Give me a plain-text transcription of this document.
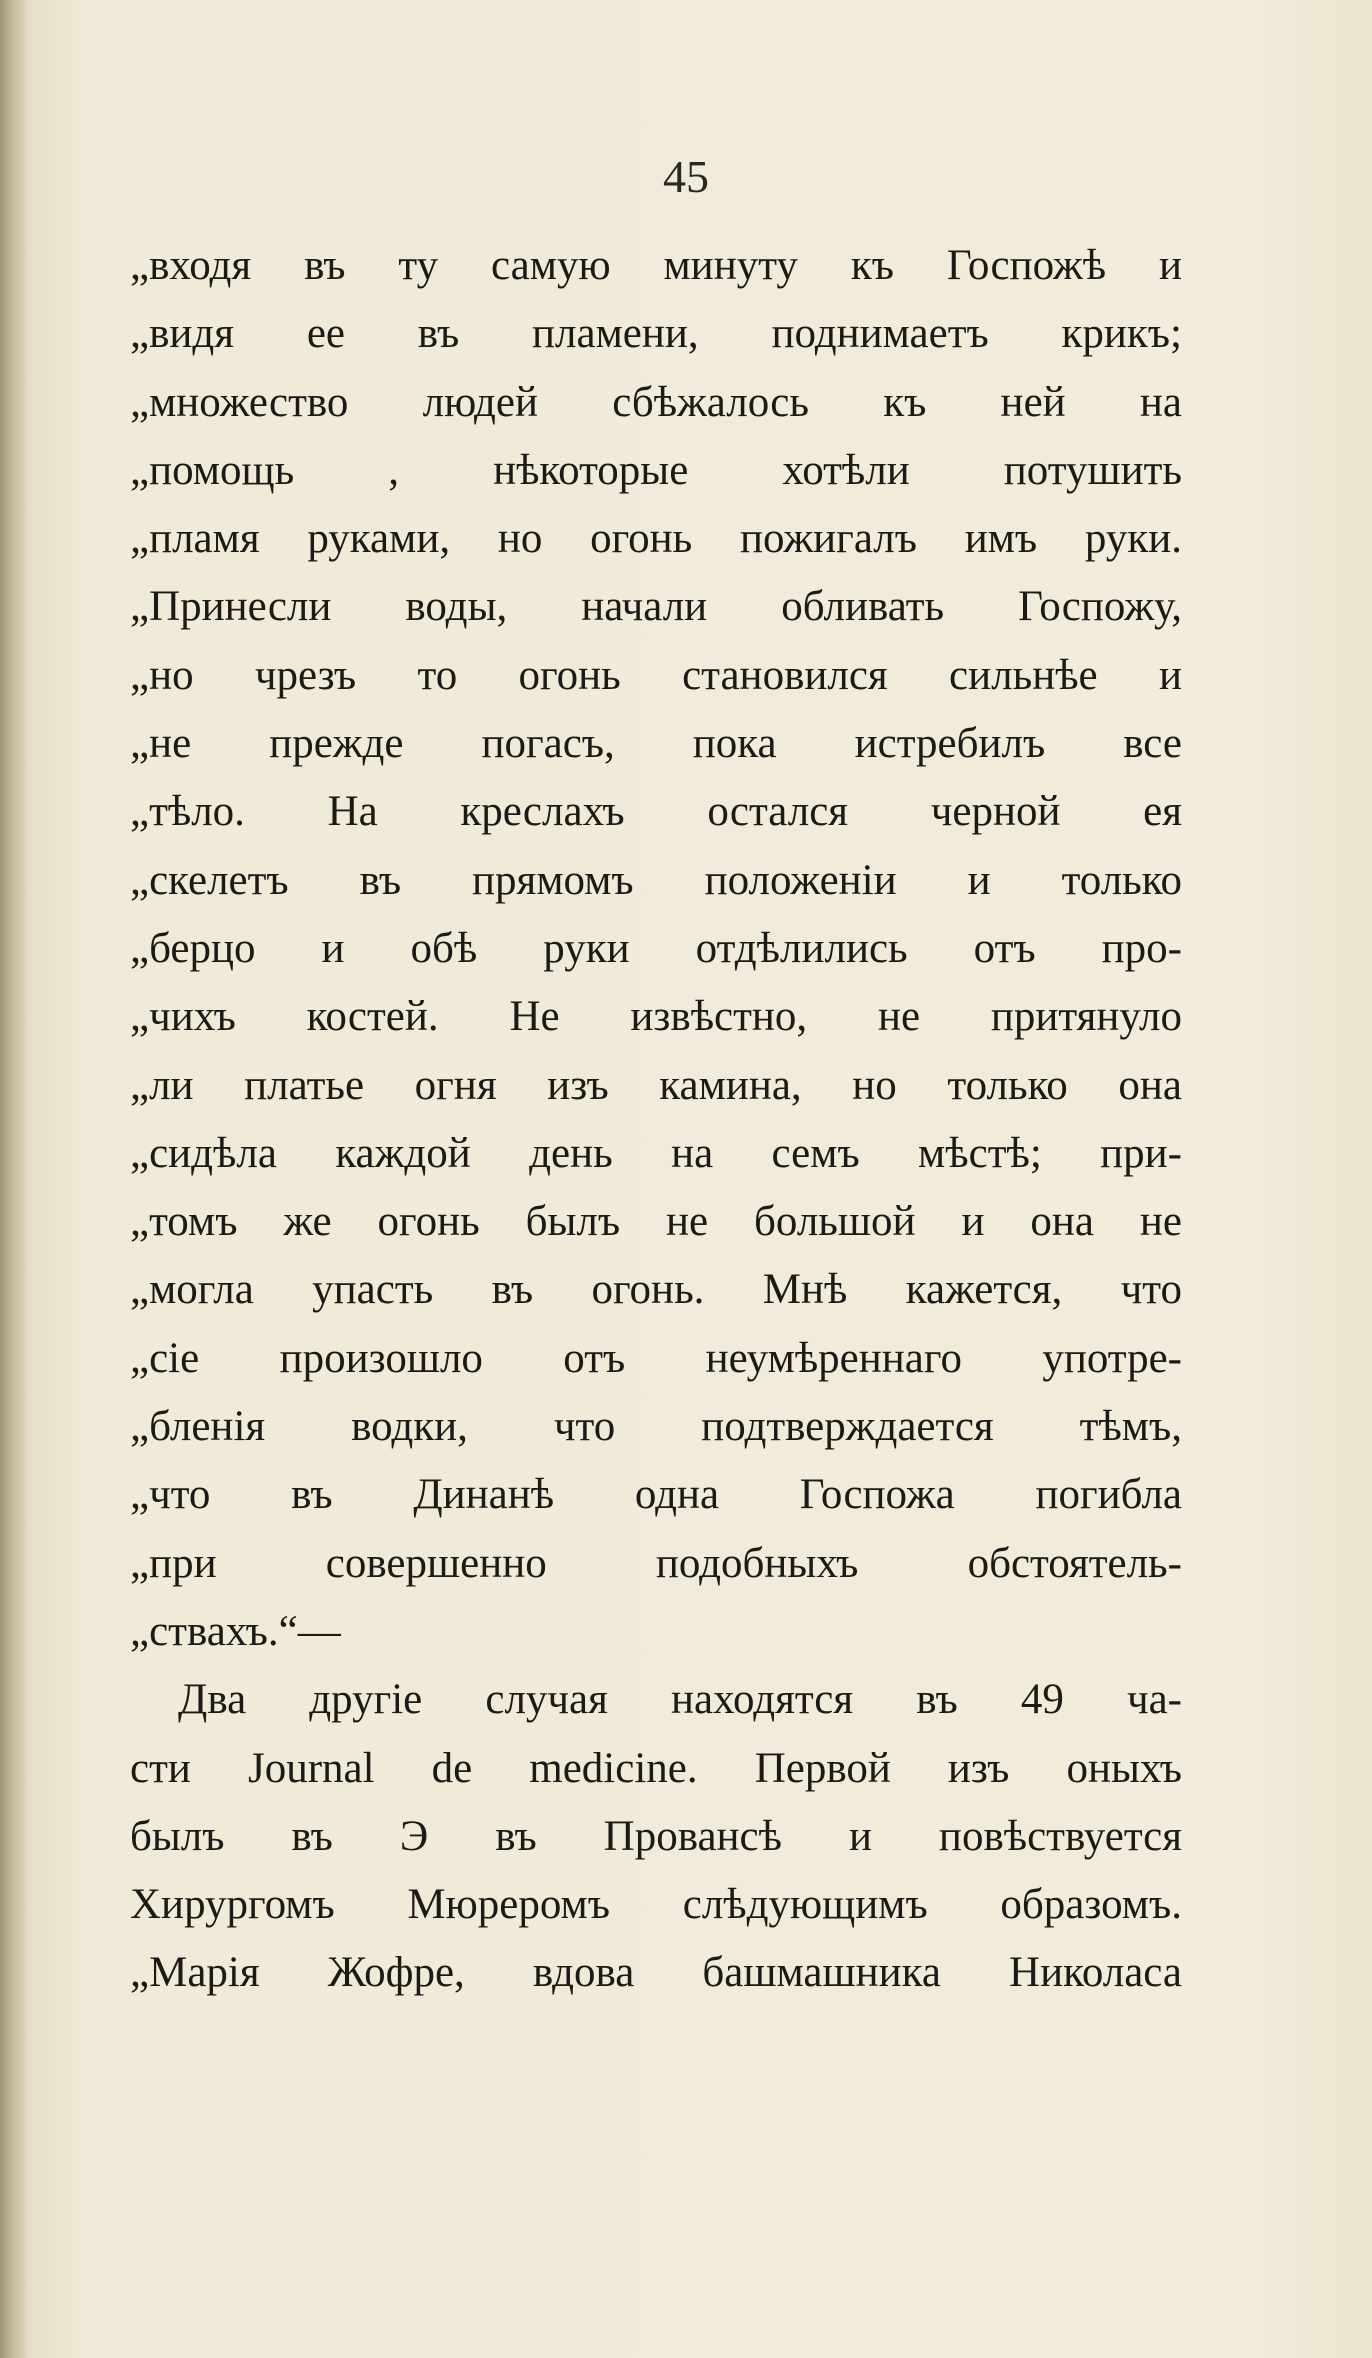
45
„входя въ ту самую минуту къ Госпожѣ и
„видя ее въ пламени, поднимаетъ крикъ;
„множество людей сбѣжалось къ ней на
„помощь , нѣкоторые хотѣли потушить
„пламя руками, но огонь пожигалъ имъ руки.
„Принесли воды, начали обливать Госпожу,
„но чрезъ то огонь становился сильнѣе и
„не прежде погасъ, пока истребилъ все
„тѣло. На креслахъ остался черной ея
„скелетъ въ прямомъ положенiи и только
„берцо и обѣ руки отдѣлились отъ про-
„чихъ костей. Не извѣстно, не притянуло
„ли платье огня изъ камина, но только она
„сидѣла каждой день на семъ мѣстѣ; при-
„томъ же огонь былъ не большой и она не
„могла упасть въ огонь. Мнѣ кажется, что
„сiе произошло отъ неумѣреннаго употре-
„бленiя водки, что подтверждается тѣмъ,
„что въ Динанѣ одна Госпожа погибла
„при совершенно подобныхъ обстоятель-
„ствахъ.“—
Два другiе случая находятся въ 49 ча-
сти Journal de medicine. Первой изъ оныхъ
былъ въ Э въ Провансѣ и повѣствуется
Хирургомъ Мюреромъ слѣдующимъ образомъ.
„Марiя Жофре, вдова башмашника Николаса
